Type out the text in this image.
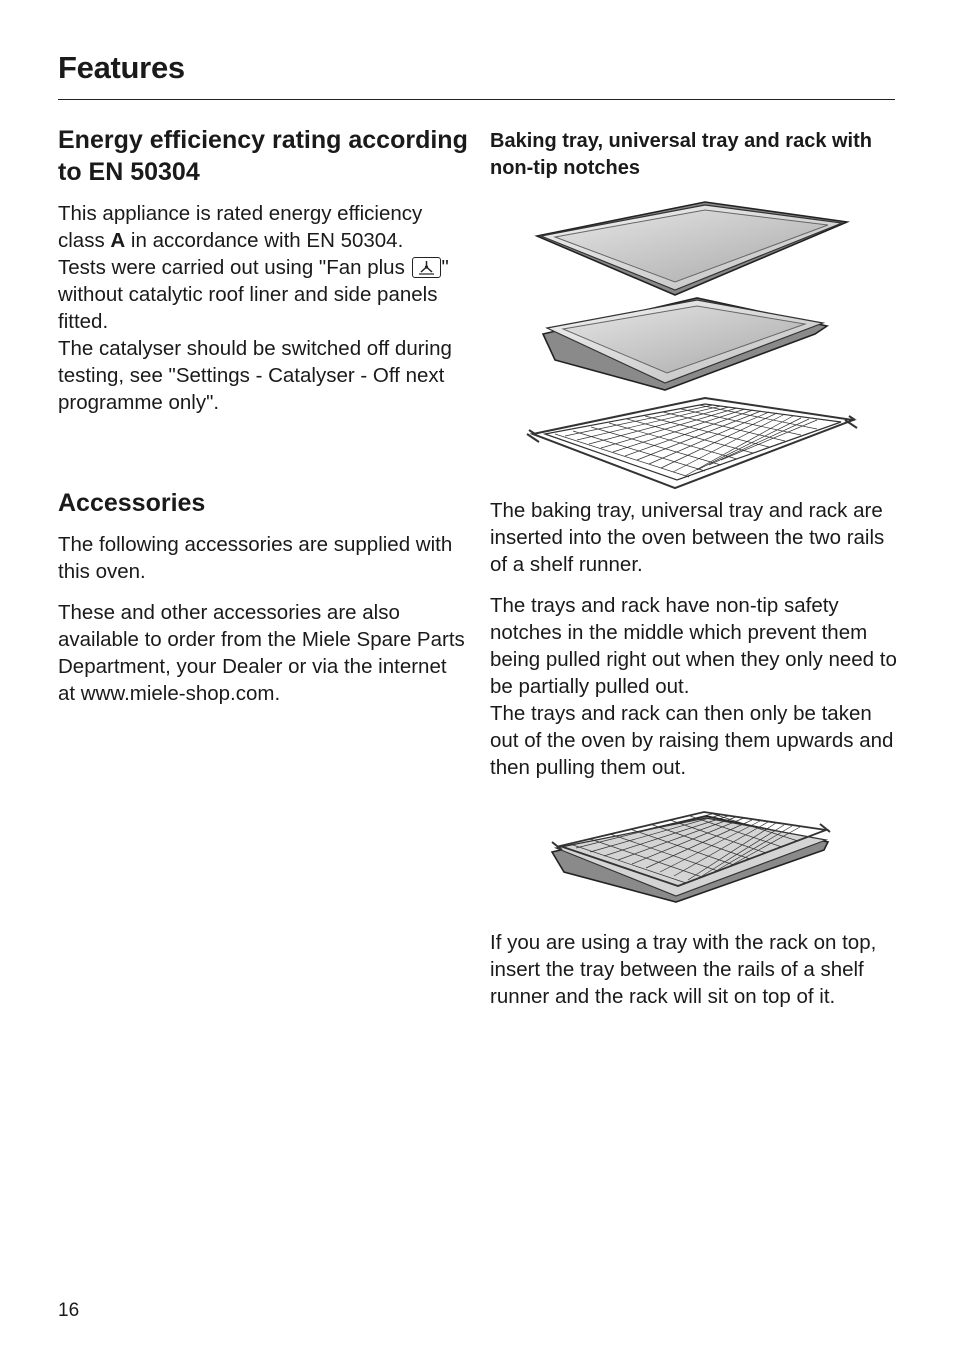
Features
Energy efficiency rating according to EN 50304

This appliance is rated energy efficiency class A in accordance with EN 50304.

Tests were carried out using "Fan plus
" without catalytic roof liner and side panels fitted.

The catalyser should be switched off during testing, see "Settings - Catalyser - Off next programme only".

Accessories

The following accessories are supplied with this oven.

These and other accessories are also available to order from the Miele Spare Parts Department, your Dealer or via the internet at www.miele-shop.com.

Baking tray, universal tray and rack with non-tip notches

The baking tray, universal tray and rack are inserted into the oven between the two rails of a shelf runner.

The trays and rack have non-tip safety notches in the middle which prevent them being pulled right out when they only need to be partially pulled out.

The trays and rack can then only be taken out of the oven by raising them upwards and then pulling them out.

If you are using a tray with the rack on top, insert the tray between the rails of a shelf runner and the rack will sit on top of it.

16
